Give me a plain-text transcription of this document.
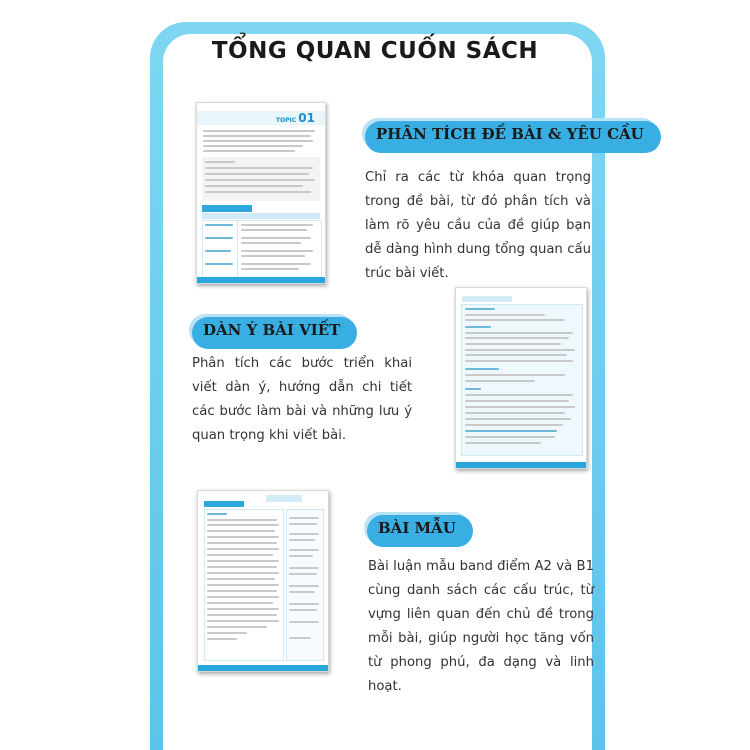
TỔNG QUAN CUỐN SÁCH
TOPIC 01
PHÂN TÍCH ĐỀ BÀI & YÊU CẦU
Chỉ ra các từ khóa quan trọng trong đề bài, từ đó phân tích và làm rõ yêu cầu của đề giúp bạn dễ dàng hình dung tổng quan cấu trúc bài viết.
DÀN Ý BÀI VIẾT
Phân tích các bước triển khai viết dàn ý, hướng dẫn chi tiết các bước làm bài và những lưu ý quan trọng khi viết bài.
BÀI MẪU
Bài luận mẫu band điểm A2 và B1 cùng danh sách các cấu trúc, từ vựng liên quan đến chủ đề trong mỗi bài, giúp người học tăng vốn từ phong phú, đa dạng và linh hoạt.
